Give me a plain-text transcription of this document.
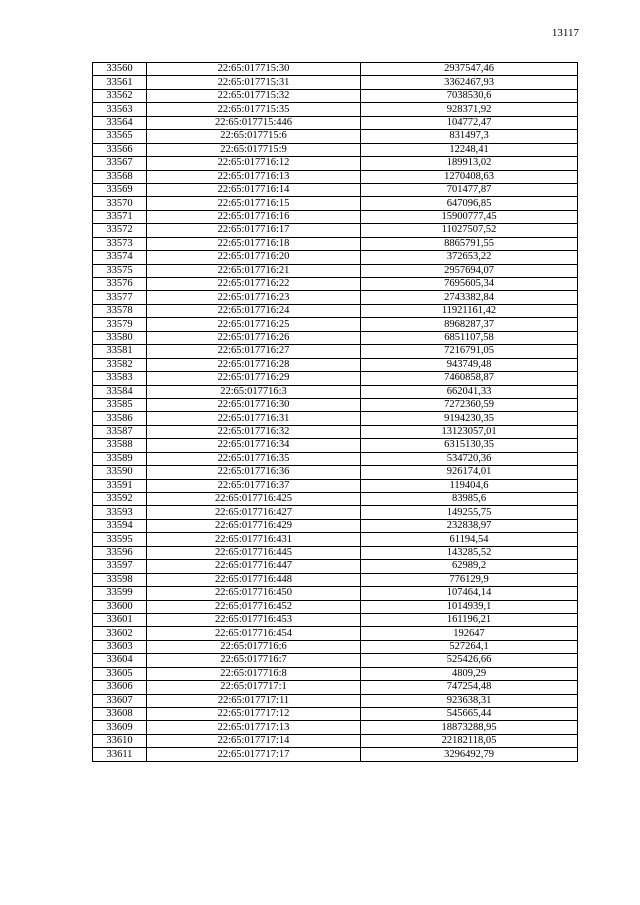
13117
33560	22:65:017715:30	2937547,46
33561	22:65:017715:31	3362467,93
33562	22:65:017715:32	7038530,6
33563	22:65:017715:35	928371,92
33564	22:65:017715:446	104772,47
33565	22:65:017715:6	831497,3
33566	22:65:017715:9	12248,41
33567	22:65:017716:12	189913,02
33568	22:65:017716:13	1270408,63
33569	22:65:017716:14	701477,87
33570	22:65:017716:15	647096,85
33571	22:65:017716:16	15900777,45
33572	22:65:017716:17	11027507,52
33573	22:65:017716:18	8865791,55
33574	22:65:017716:20	372653,22
33575	22:65:017716:21	2957694,07
33576	22:65:017716:22	7695605,34
33577	22:65:017716:23	2743382,84
33578	22:65:017716:24	11921161,42
33579	22:65:017716:25	8968287,37
33580	22:65:017716:26	6851107,58
33581	22:65:017716:27	7216791,05
33582	22:65:017716:28	943749,48
33583	22:65:017716:29	7460858,87
33584	22:65:017716:3	662041,33
33585	22:65:017716:30	7272360,59
33586	22:65:017716:31	9194230,35
33587	22:65:017716:32	13123057,01
33588	22:65:017716:34	6315130,35
33589	22:65:017716:35	534720,36
33590	22:65:017716:36	926174,01
33591	22:65:017716:37	119404,6
33592	22:65:017716:425	83985,6
33593	22:65:017716:427	149255,75
33594	22:65:017716:429	232838,97
33595	22:65:017716:431	61194,54
33596	22:65:017716:445	143285,52
33597	22:65:017716:447	62989,2
33598	22:65:017716:448	776129,9
33599	22:65:017716:450	107464,14
33600	22:65:017716:452	1014939,1
33601	22:65:017716:453	161196,21
33602	22:65:017716:454	192647
33603	22:65:017716:6	527264,1
33604	22:65:017716:7	525426,66
33605	22:65:017716:8	4809,29
33606	22:65:017717:1	747254,48
33607	22:65:017717:11	923638,31
33608	22:65:017717:12	545665,44
33609	22:65:017717:13	18873288,95
33610	22:65:017717:14	22182118,05
33611	22:65:017717:17	3296492,79
